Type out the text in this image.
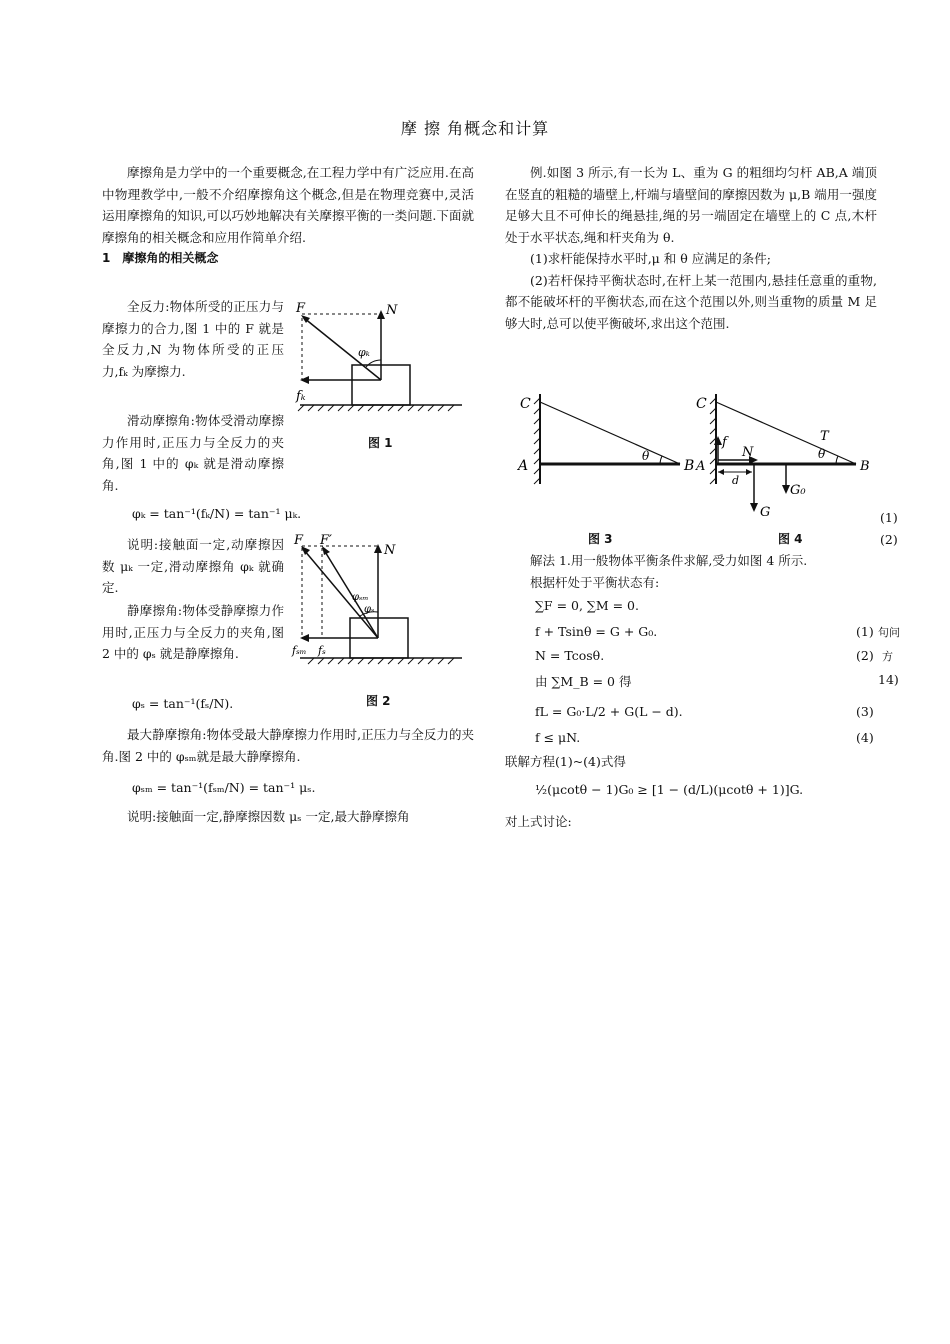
摩 擦 角概念和计算

摩擦角是力学中的一个重要概念,在工程力学中有广泛应用.在高中物理教学中,一般不介绍摩擦角这个概念,但是在物理竞赛中,灵活运用摩擦角的知识,可以巧妙地解决有关摩擦平衡的一类问题.下面就摩擦角的相关概念和应用作简单介绍.

1　摩擦角的相关概念

全反力:物体所受的正压力与摩擦力的合力,图 1 中的 F 就是全反力,N 为物体所受的正压力,fₖ 为摩擦力.

滑动摩擦角:物体受滑动摩擦力作用时,正压力与全反力的夹角,图 1 中的 φₖ 就是滑动摩擦角.

φₖ = tan⁻¹(fₖ/N) = tan⁻¹ μₖ.

说明:接触面一定,动摩擦因数 μₖ 一定,滑动摩擦角 φₖ 就确定.

静摩擦角:物体受静摩擦力作用时,正压力与全反力的夹角,图 2 中的 φₛ 就是静摩擦角.

φₛ = tan⁻¹(fₛ/N).

最大静摩擦角:物体受最大静摩擦力作用时,正压力与全反力的夹角.图 2 中的 φₛₘ就是最大静摩擦角.

φₛₘ = tan⁻¹(fₛₘ/N) = tan⁻¹ μₛ.

说明:接触面一定,静摩擦因数 μₛ 一定,最大静摩擦角

F	N
φₖ
fₖ
图 1
F F′
N
φₛₘ
φₛ
fₛₘ fₛ
图 2

例.如图 3 所示,有一长为 L、重为 G 的粗细均匀杆 AB,A 端顶在竖直的粗糙的墙壁上,杆端与墙壁间的摩擦因数为 μ,B 端用一强度足够大且不可伸长的绳悬挂,绳的另一端固定在墙壁上的 C 点,木杆处于水平状态,绳和杆夹角为 θ.

(1)求杆能保持水平时,μ 和 θ 应满足的条件;

(2)若杆保持平衡状态时,在杆上某一范围内,悬挂任意重的重物,都不能破坏杆的平衡状态,而在这个范围以外,则当重物的质量 M 足够大时,总可以使平衡破坏,求出这个范围.

C
A	B
θ
图 3
C
f
N
T
θ
A
d
B
G₀
G
图 4
(1)
(2)

解法 1.用一般物体平衡条件求解,受力如图 4 所示.

根据杆处于平衡状态有:

∑F = 0, ∑M = 0.
f + Tsinθ = G + G₀.	(1) 句问
N = Tcosθ.	(2) 方
由 ∑M_B = 0 得	14)
fL = G₀·L/2 + G(L − d).	(3)
f ≤ μN.	(4)
联解方程(1)~(4)式得
½(μcotθ − 1)G₀ ≥ [1 − (d/L)(μcotθ + 1)]G.
对上式讨论:
